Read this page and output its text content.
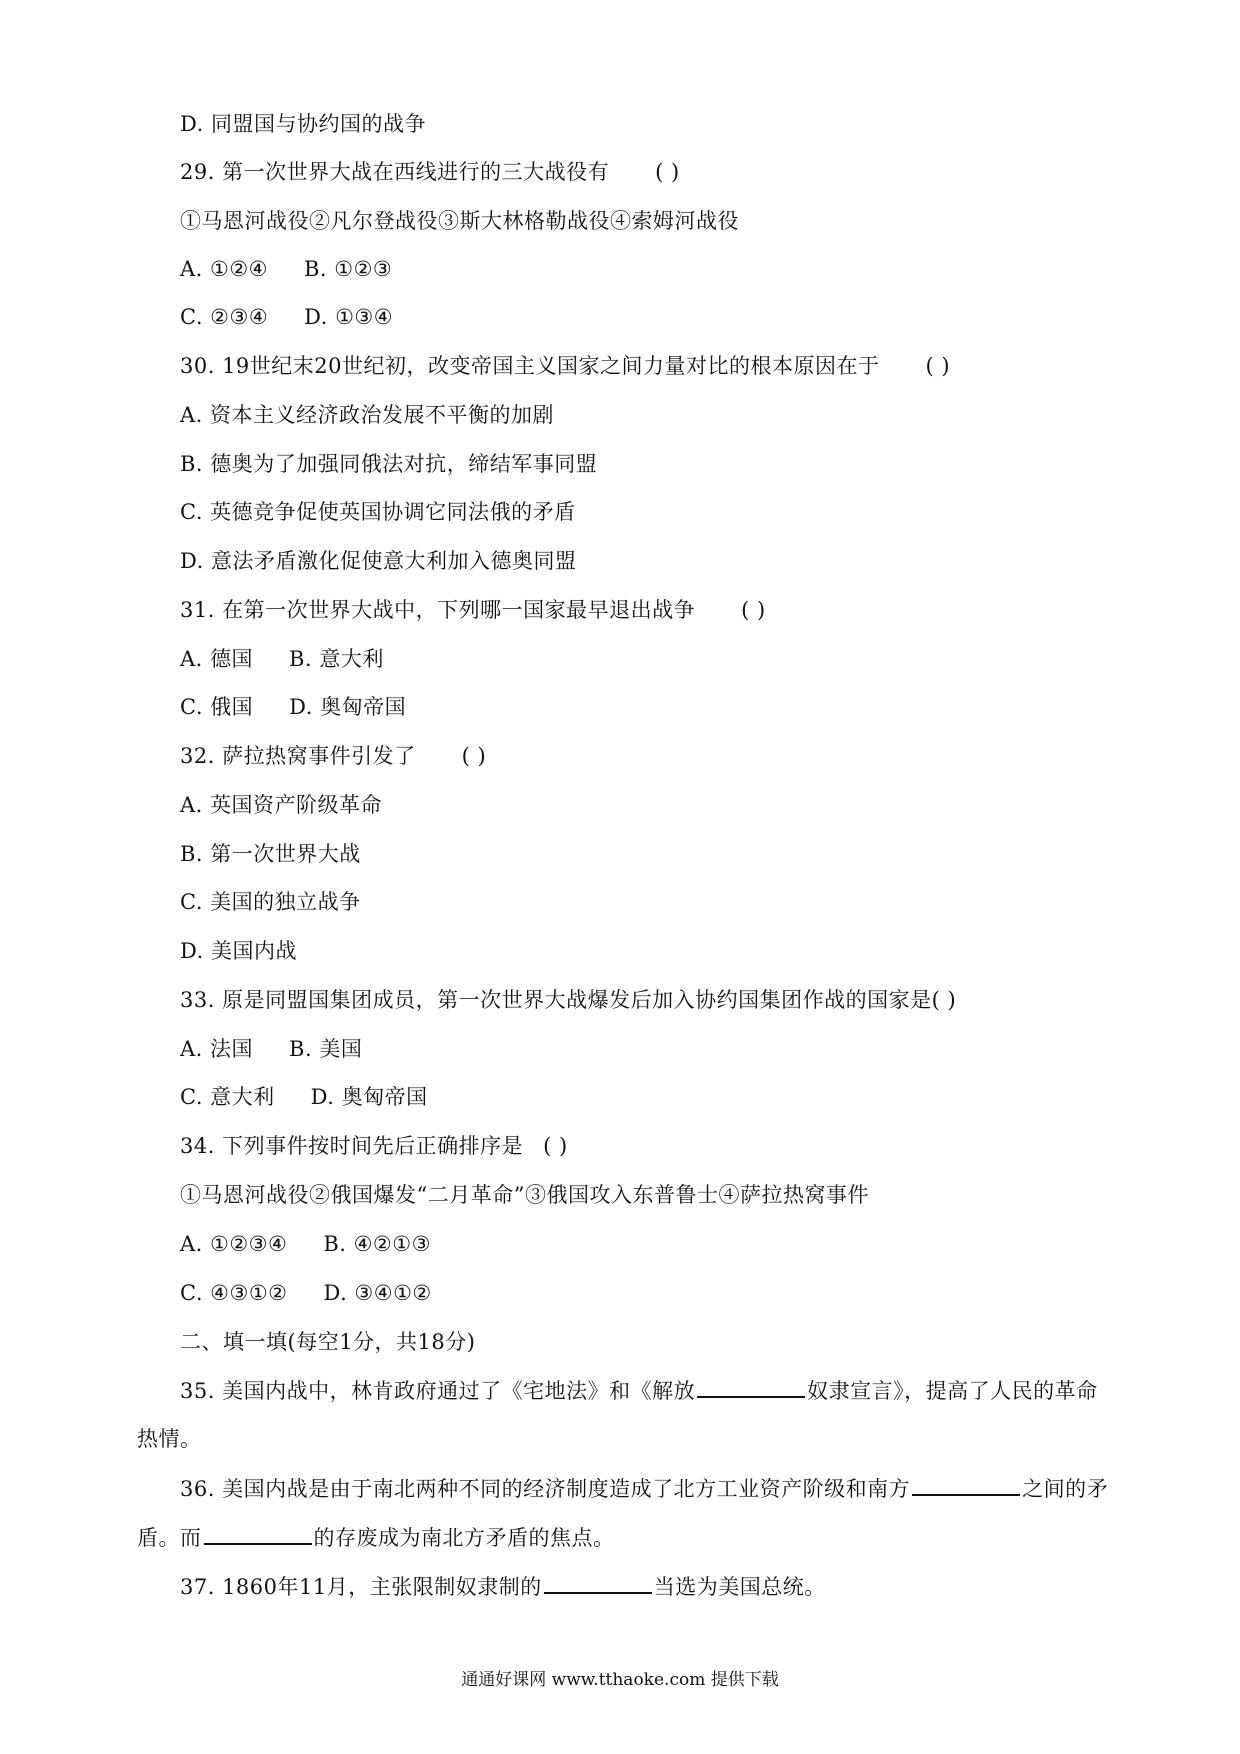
D. 同盟国与协约国的战争
29. 第一次世界大战在西线进行的三大战役有 ( )
①马恩河战役②凡尔登战役③斯大林格勒战役④索姆河战役
A. ①②④ B. ①②③
C. ②③④ D. ①③④
30. 19世纪末20世纪初，改变帝国主义国家之间力量对比的根本原因在于 ( )
A. 资本主义经济政治发展不平衡的加剧
B. 德奥为了加强同俄法对抗，缔结军事同盟
C. 英德竞争促使英国协调它同法俄的矛盾
D. 意法矛盾激化促使意大利加入德奥同盟
31. 在第一次世界大战中，下列哪一国家最早退出战争 ( )
A. 德国 B. 意大利
C. 俄国 D. 奥匈帝国
32. 萨拉热窝事件引发了 ( )
A. 英国资产阶级革命
B. 第一次世界大战
C. 美国的独立战争
D. 美国内战
33. 原是同盟国集团成员，第一次世界大战爆发后加入协约国集团作战的国家是( )
A. 法国 B. 美国
C. 意大利 D. 奥匈帝国
34. 下列事件按时间先后正确排序是 ( )
①马恩河战役②俄国爆发“二月革命”③俄国攻入东普鲁士④萨拉热窝事件
A. ①②③④ B. ④②①③
C. ④③①② D. ③④①②
二、填一填(每空1分，共18分)
35. 美国内战中，林肯政府通过了《宅地法》和《解放	奴隶宣言》，提高了人民的革命
热情。
36. 美国内战是由于南北两种不同的经济制度造成了北方工业资产阶级和南方	之间的矛
盾。而	的存废成为南北方矛盾的焦点。
37. 1860年11月，主张限制奴隶制的	当选为美国总统。
通通好课网 www.tthaoke.com 提供下载
